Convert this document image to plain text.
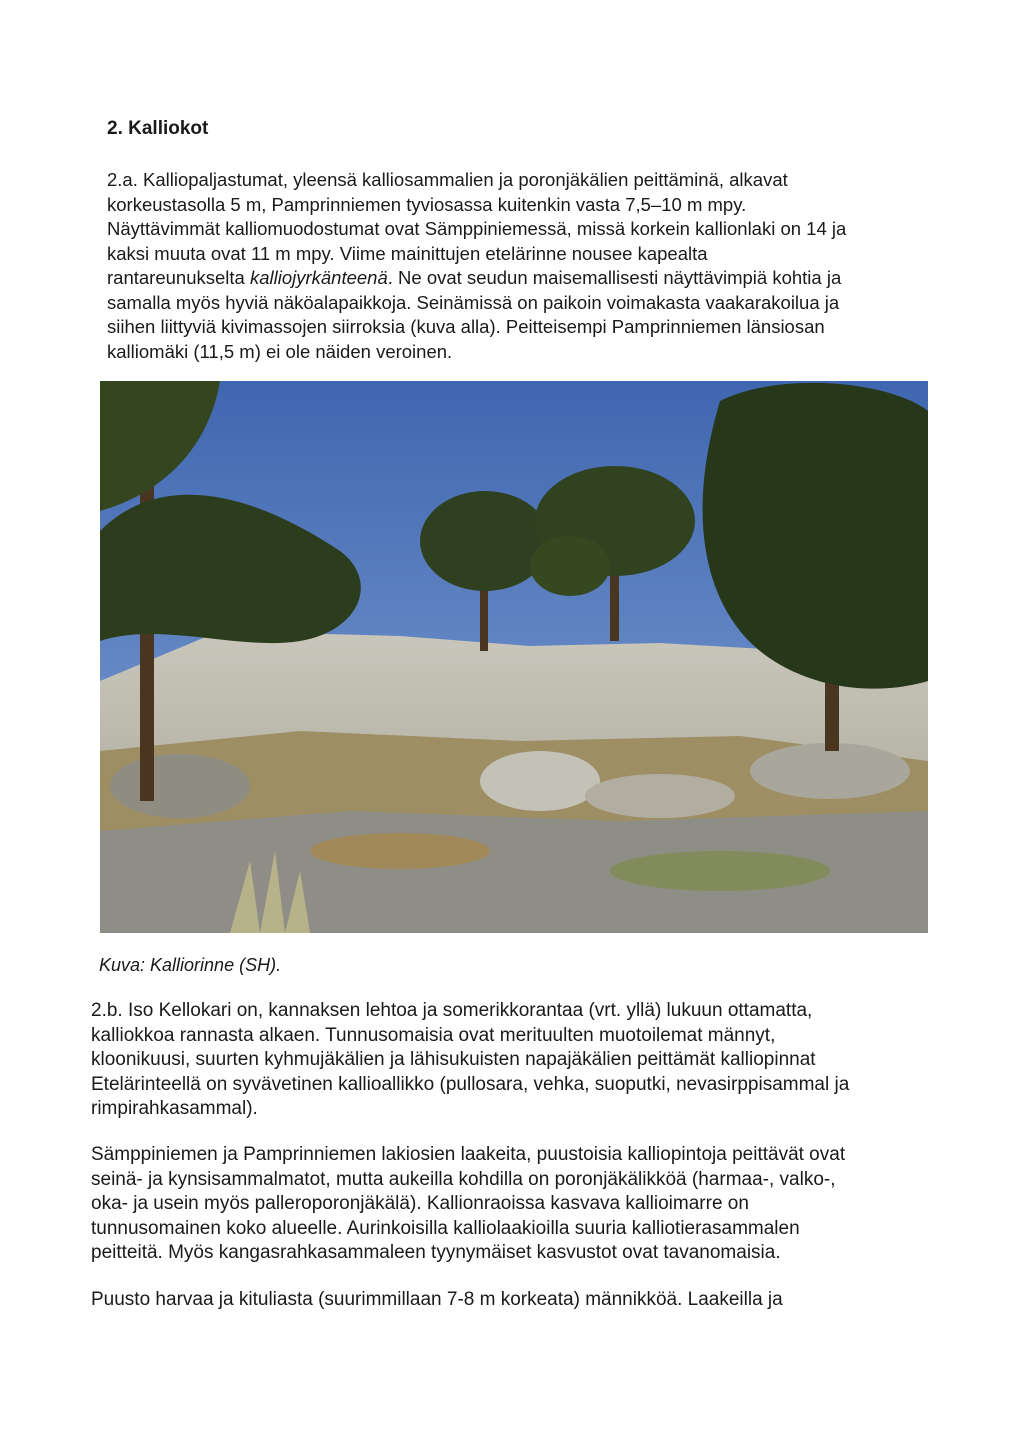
2. Kalliokot

2.a. Kalliopaljastumat, yleensä kalliosammalien ja poronjäkälien peittäminä, alkavat
korkeustasolla 5 m, Pamprinniemen tyviosassa kuitenkin vasta 7,5–10 m mpy.
Näyttävimmät kalliomuodostumat ovat Sämppiniemessä, missä korkein kallionlaki on 14 ja
kaksi muuta ovat 11 m mpy. Viime mainittujen etelärinne nousee kapealta
rantareunukselta kalliojyrkänteenä. Ne ovat seudun maisemallisesti näyttävimpiä kohtia ja
samalla myös hyviä näköalapaikkoja. Seinämissä on paikoin voimakasta vaakarakoilua ja
siihen liittyviä kivimassojen siirroksia (kuva alla). Peitteisempi Pamprinniemen länsiosan
kalliomäki (11,5 m) ei ole näiden veroinen.

Kuva: Kalliorinne (SH).

2.b. Iso Kellokari on, kannaksen lehtoa ja somerikkorantaa (vrt. yllä) lukuun ottamatta,
kalliokkoa rannasta alkaen. Tunnusomaisia ovat merituulten muotoilemat männyt,
kloonikuusi, suurten kyhmujäkälien ja lähisukuisten napajäkälien peittämät kalliopinnat
Etelärinteellä on syvävetinen kallioallikko (pullosara, vehka, suoputki, nevasirppisammal ja
rimpirahkasammal).

Sämppiniemen ja Pamprinniemen lakiosien laakeita, puustoisia kalliopintoja peittävät ovat
seinä- ja kynsisammalmatot, mutta aukeilla kohdilla on poronjäkälikköä (harmaa-, valko-,
oka- ja usein myös palleroporonjäkälä). Kallionraoissa kasvava kallioimarre on
tunnusomainen koko alueelle. Aurinkoisilla kalliolaakioilla suuria kalliotierasammalen
peitteitä. Myös kangasrahkasammaleen tyynymäiset kasvustot ovat tavanomaisia.

Puusto harvaa ja kituliasta (suurimmillaan 7-8 m korkeata) männikköä. Laakeilla ja
